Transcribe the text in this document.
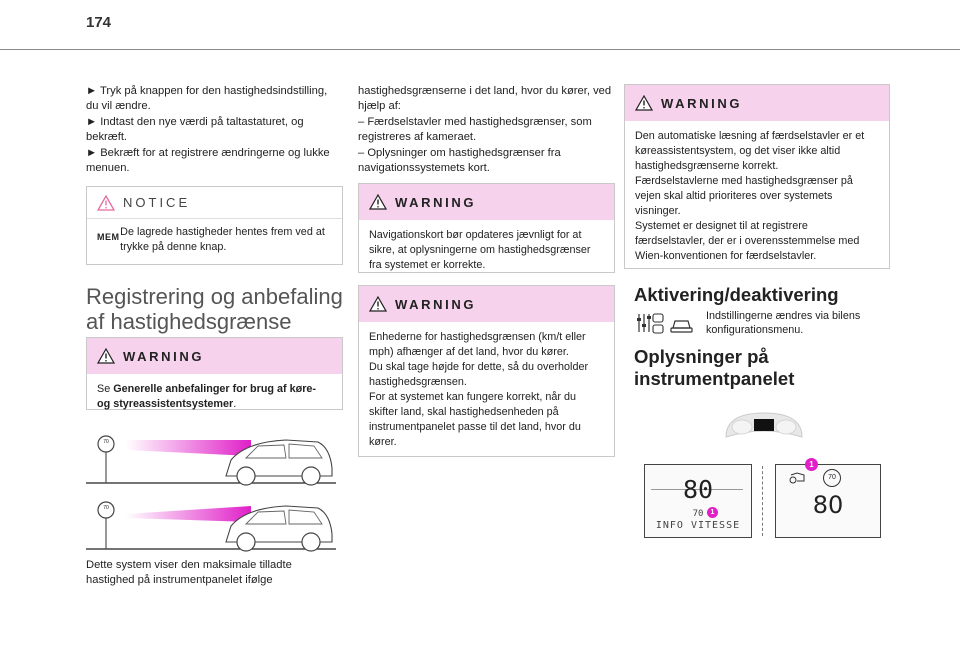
174
► Tryk på knappen for den hastighedsindstilling, du vil ændre.
► Indtast den nye værdi på taltastaturet, og bekræft.
► Bekræft for at registrere ændringerne og lukke menuen.
NOTICE
MEM De lagrede hastigheder hentes frem ved at trykke på denne knap.
Registrering og anbefaling af hastighedsgrænse
WARNING
Se Generelle anbefalinger for brug af køre- og styreassistentsystemer.
70
70
Dette system viser den maksimale tilladte hastighed på instrumentpanelet ifølge
hastighedsgrænserne i det land, hvor du kører, ved hjælp af:
– Færdselstavler med hastighedsgrænser, som registreres af kameraet.
– Oplysninger om hastighedsgrænser fra navigationssystemets kort.
WARNING
Navigationskort bør opdateres jævnligt for at sikre, at oplysningerne om hastighedsgrænser fra systemet er korrekte.
WARNING
Enhederne for hastighedsgrænsen (km/t eller mph) afhænger af det land, hvor du kører.
Du skal tage højde for dette, så du overholder hastighedsgrænsen.
For at systemet kan fungere korrekt, når du skifter land, skal hastighedsenheden på instrumentpanelet passe til det land, hvor du kører.
WARNING
Den automatiske læsning af færdselstavler er et køreassistentsystem, og det viser ikke altid hastighedsgrænserne korrekt.
Færdselstavlerne med hastighedsgrænser på vejen skal altid prioriteres over systemets visninger.
Systemet er designet til at registrere færdselstavler, der er i overensstemmelse med Wien-konventionen for færdselstavler.
Aktivering/deaktivering
Indstillingerne ændres via bilens konfigurationsmenu.
Oplysninger på instrumentpanelet
80
70
INFO VITESSE
1
70
80
1
